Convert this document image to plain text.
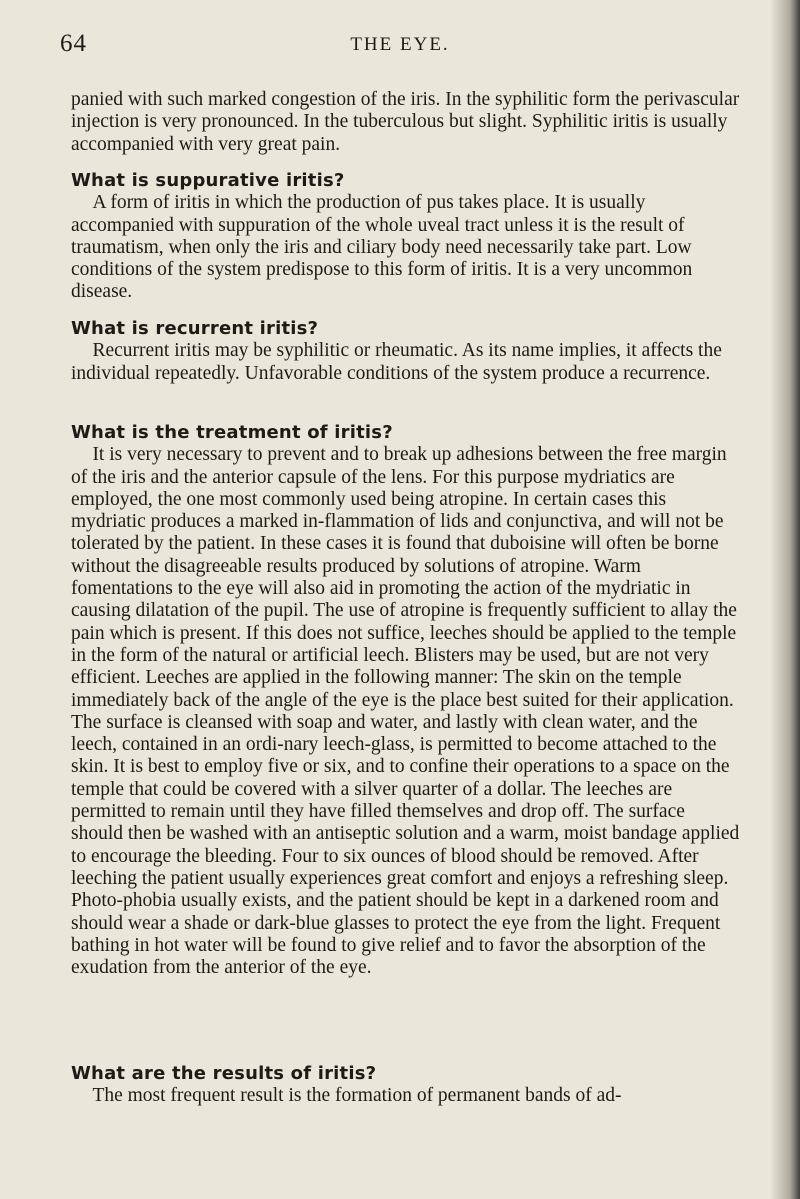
64	THE EYE.

panied with such marked congestion of the iris. In the syphilitic form the perivascular injection is very pronounced. In the tuberculous but slight. Syphilitic iritis is usually accompanied with very great pain.

What is suppurative iritis?

A form of iritis in which the production of pus takes place. It is usually accompanied with suppuration of the whole uveal tract unless it is the result of traumatism, when only the iris and ciliary body need necessarily take part. Low conditions of the system predispose to this form of iritis. It is a very uncommon disease.

What is recurrent iritis?

Recurrent iritis may be syphilitic or rheumatic. As its name implies, it affects the individual repeatedly. Unfavorable conditions of the system produce a recurrence.

What is the treatment of iritis?

It is very necessary to prevent and to break up adhesions between the free margin of the iris and the anterior capsule of the lens. For this purpose mydriatics are employed, the one most commonly used being atropine. In certain cases this mydriatic produces a marked in-flammation of lids and conjunctiva, and will not be tolerated by the patient. In these cases it is found that duboisine will often be borne without the disagreeable results produced by solutions of atropine. Warm fomentations to the eye will also aid in promoting the action of the mydriatic in causing dilatation of the pupil. The use of atropine is frequently sufficient to allay the pain which is present. If this does not suffice, leeches should be applied to the temple in the form of the natural or artificial leech. Blisters may be used, but are not very efficient. Leeches are applied in the following manner: The skin on the temple immediately back of the angle of the eye is the place best suited for their application. The surface is cleansed with soap and water, and lastly with clean water, and the leech, contained in an ordi-nary leech-glass, is permitted to become attached to the skin. It is best to employ five or six, and to confine their operations to a space on the temple that could be covered with a silver quarter of a dollar. The leeches are permitted to remain until they have filled themselves and drop off. The surface should then be washed with an antiseptic solution and a warm, moist bandage applied to encourage the bleeding. Four to six ounces of blood should be removed. After leeching the patient usually experiences great comfort and enjoys a refreshing sleep. Photo-phobia usually exists, and the patient should be kept in a darkened room and should wear a shade or dark-blue glasses to protect the eye from the light. Frequent bathing in hot water will be found to give relief and to favor the absorption of the exudation from the anterior of the eye.

What are the results of iritis?

The most frequent result is the formation of permanent bands of ad-
